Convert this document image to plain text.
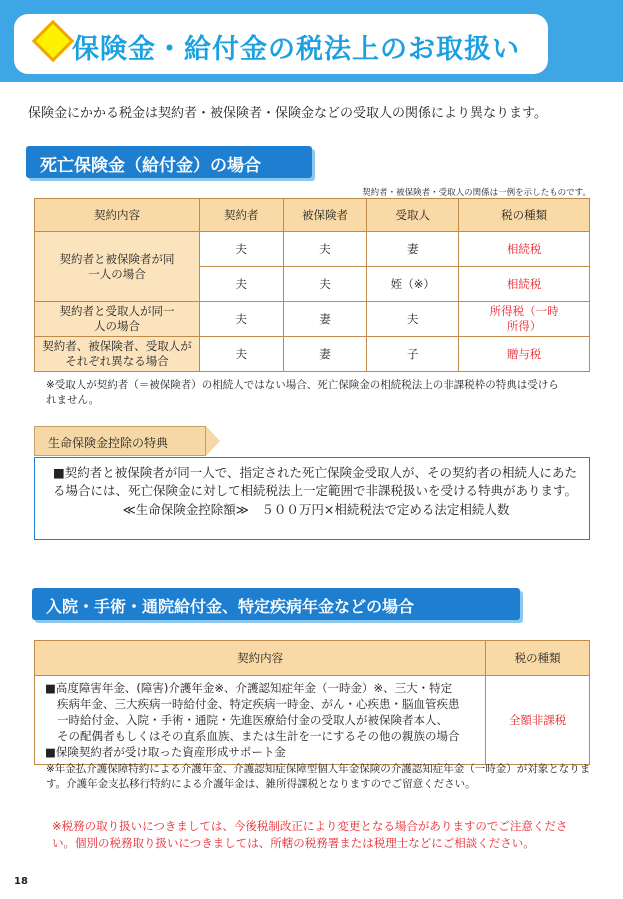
保険金・給付金の税法上のお取扱い
保険金にかかる税金は契約者・被保険者・保険金などの受取人の関係により異なります。
死亡保険金（給付金）の場合
契約者・被保険者・受取人の関係は一例を示したものです。
契約内容	契約者	被保険者	受取人	税の種類
契約者と被保険者が同一人の場合	夫	夫	妻	相続税
	夫	夫	姪（※）	相続税
契約者と受取人が同一人の場合	夫	妻	夫	所得税（一時所得）
契約者、被保険者、受取人がそれぞれ異なる場合	夫	妻	子	贈与税
※受取人が契約者（＝被保険者）の相続人ではない場合、死亡保険金の相続税法上の非課税枠の特典は受けられません。
生命保険金控除の特典
■契約者と被保険者が同一人で、指定された死亡保険金受取人が、その契約者の相続人にあたる場合には、死亡保険金に対して相続税法上一定範囲で非課税扱いを受ける特典があります。
≪生命保険金控除額≫　５００万円×相続税法で定める法定相続人数
入院・手術・通院給付金、特定疾病年金などの場合
契約内容	税の種類

■高度障害年金、(障害)介護年金※、介護認知症年金（一時金）※、三大・特定
疾病年金、三大疾病一時給付金、特定疾病一時金、がん・心疾患・脳血管疾患
一時給付金、入院・手術・通院・先進医療給付金の受取人が被保険者本人、
その配偶者もしくはその直系血族、または生計を一にするその他の親族の場合
■保険契約者が受け取った資産形成サポート金	全額非課税
※年金払介護保障特約による介護年金、介護認知症保障型個人年金保険の介護認知症年金（一時金）が対象となります。介護年金支払移行特約による介護年金は、雑所得課税となりますのでご留意ください。
※税務の取り扱いにつきましては、今後税制改正により変更となる場合がありますのでご注意ください。個別の税務取り扱いにつきましては、所轄の税務署または税理士などにご相談ください。
18
